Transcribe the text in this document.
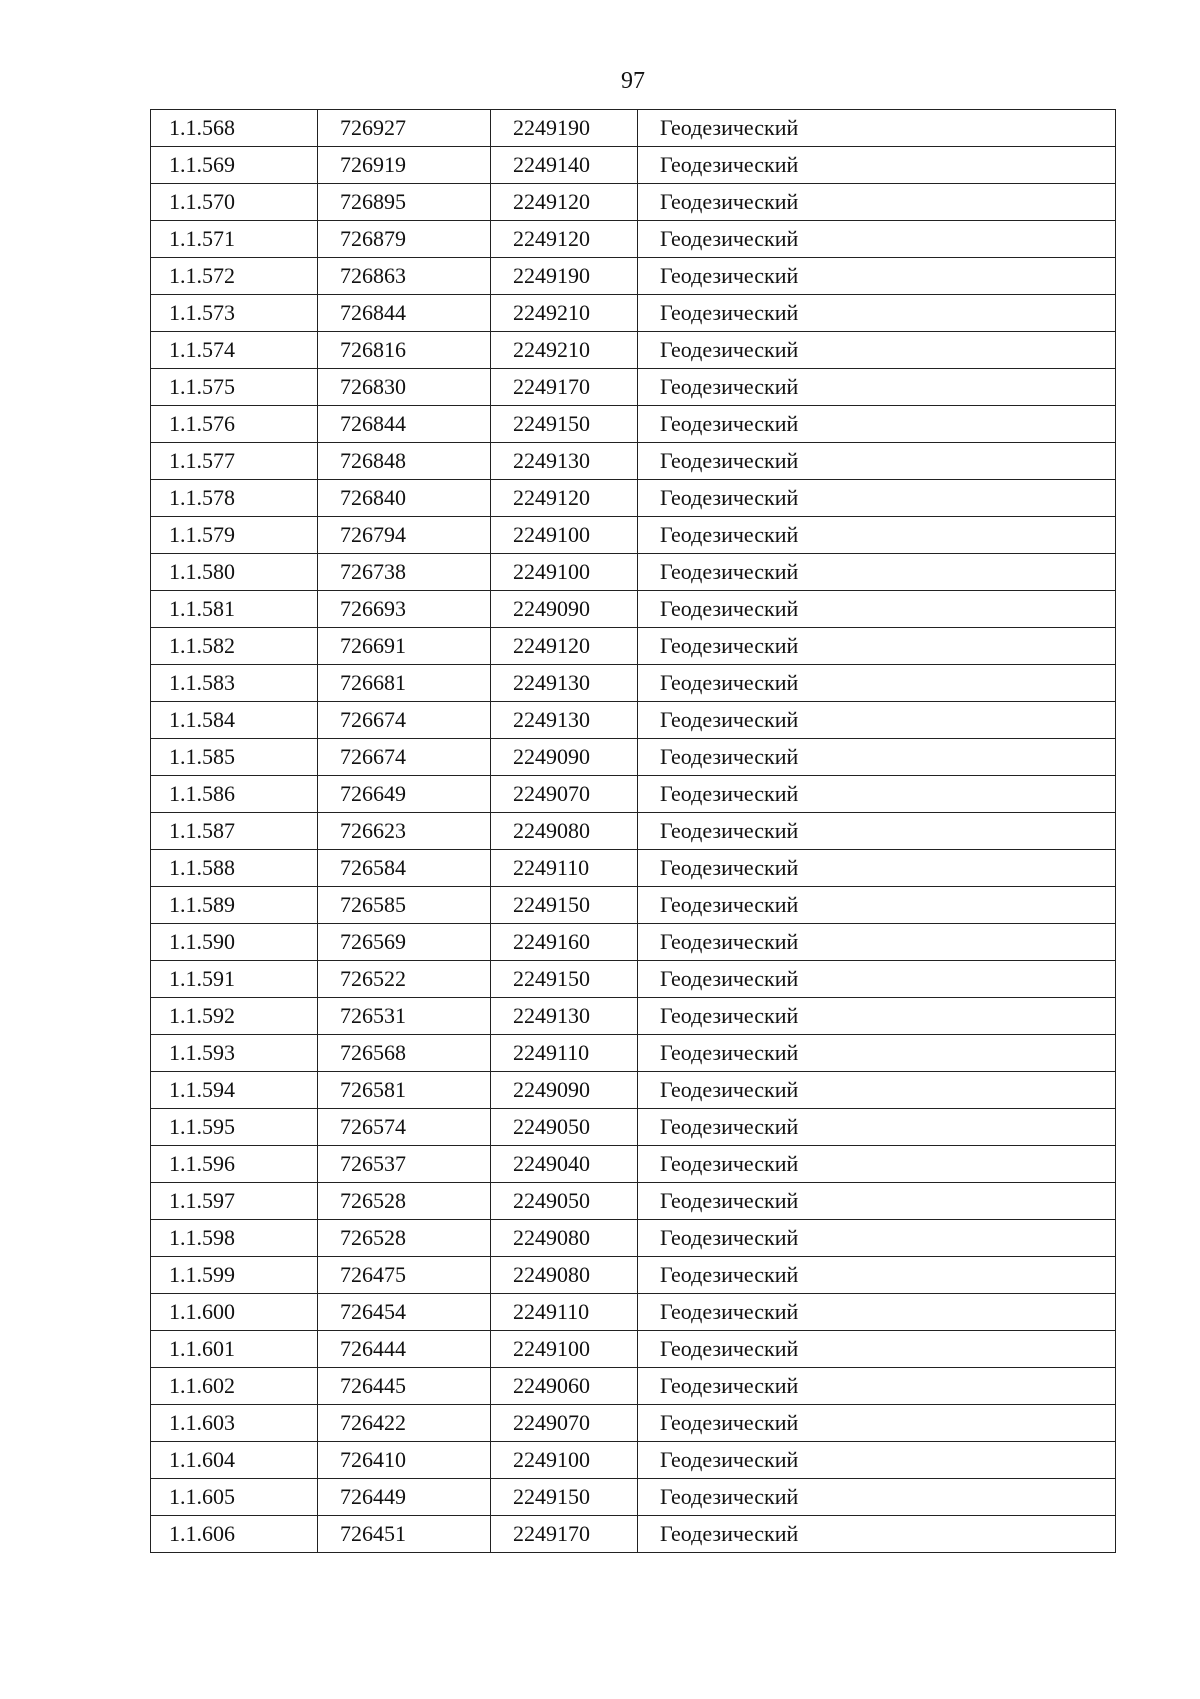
97
1.1.568	726927	2249190	Геодезический
1.1.569	726919	2249140	Геодезический
1.1.570	726895	2249120	Геодезический
1.1.571	726879	2249120	Геодезический
1.1.572	726863	2249190	Геодезический
1.1.573	726844	2249210	Геодезический
1.1.574	726816	2249210	Геодезический
1.1.575	726830	2249170	Геодезический
1.1.576	726844	2249150	Геодезический
1.1.577	726848	2249130	Геодезический
1.1.578	726840	2249120	Геодезический
1.1.579	726794	2249100	Геодезический
1.1.580	726738	2249100	Геодезический
1.1.581	726693	2249090	Геодезический
1.1.582	726691	2249120	Геодезический
1.1.583	726681	2249130	Геодезический
1.1.584	726674	2249130	Геодезический
1.1.585	726674	2249090	Геодезический
1.1.586	726649	2249070	Геодезический
1.1.587	726623	2249080	Геодезический
1.1.588	726584	2249110	Геодезический
1.1.589	726585	2249150	Геодезический
1.1.590	726569	2249160	Геодезический
1.1.591	726522	2249150	Геодезический
1.1.592	726531	2249130	Геодезический
1.1.593	726568	2249110	Геодезический
1.1.594	726581	2249090	Геодезический
1.1.595	726574	2249050	Геодезический
1.1.596	726537	2249040	Геодезический
1.1.597	726528	2249050	Геодезический
1.1.598	726528	2249080	Геодезический
1.1.599	726475	2249080	Геодезический
1.1.600	726454	2249110	Геодезический
1.1.601	726444	2249100	Геодезический
1.1.602	726445	2249060	Геодезический
1.1.603	726422	2249070	Геодезический
1.1.604	726410	2249100	Геодезический
1.1.605	726449	2249150	Геодезический
1.1.606	726451	2249170	Геодезический
